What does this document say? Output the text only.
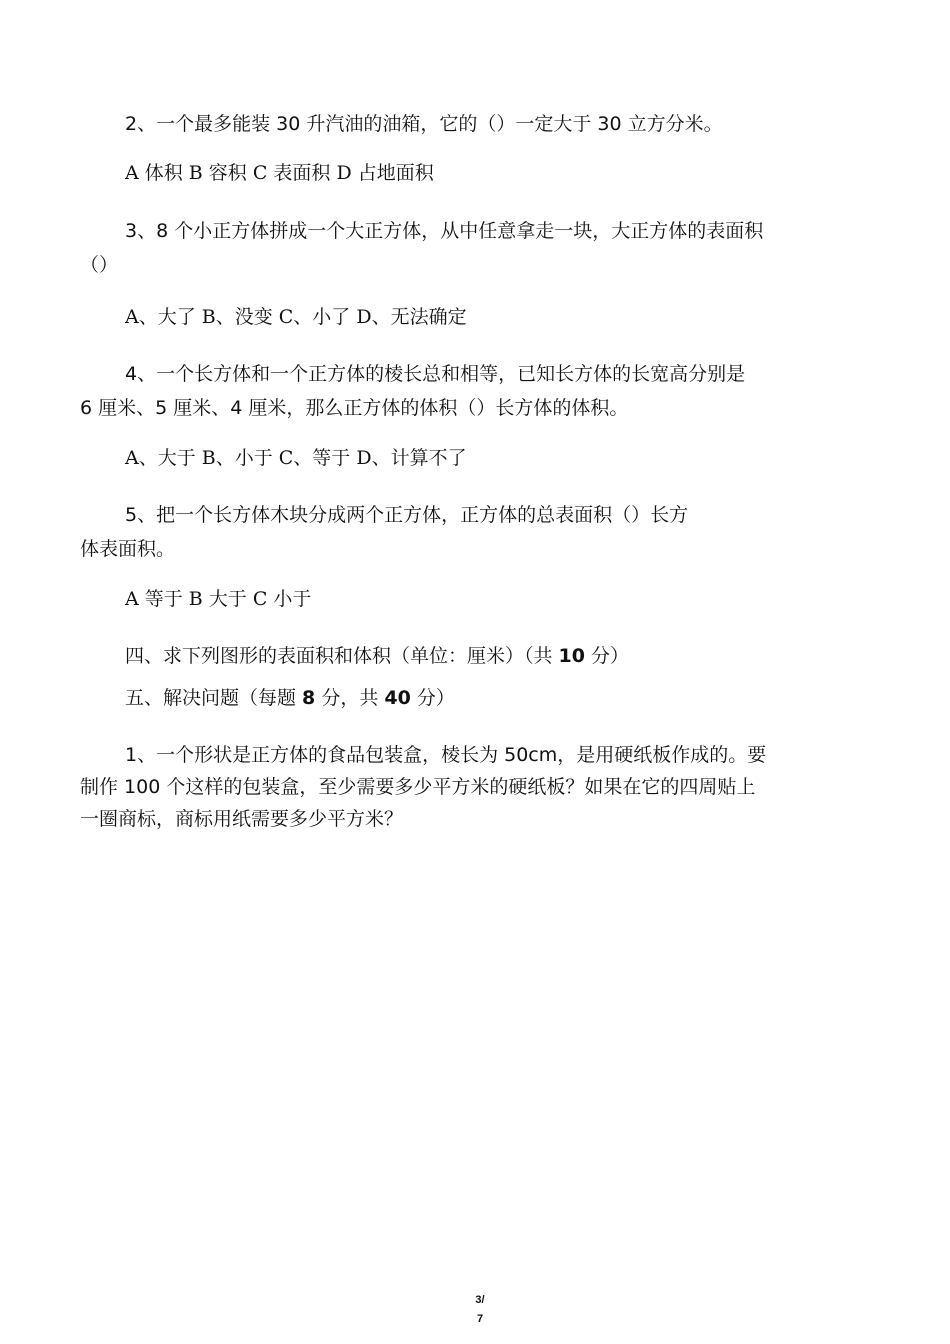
2、一个最多能装 30 升汽油的油箱，它的（）一定大于 30 立方分米。

A 体积 B 容积 C 表面积 D 占地面积

3、8 个小正方体拼成一个大正方体，从中任意拿走一块，大正方体的表面积

（）

A、大了 B、没变 C、小了 D、无法确定

4、一个长方体和一个正方体的棱长总和相等，已知长方体的长宽高分别是

6 厘米、5 厘米、4 厘米，那么正方体的体积（）长方体的体积。

A、大于 B、小于 C、等于 D、计算不了

5、把一个长方体木块分成两个正方体，正方体的总表面积（）长方

体表面积。

A 等于 B 大于 C 小于

四、求下列图形的表面积和体积（单位：厘米）（共 10 分）

五、解决问题（每题 8 分，共 40 分）

1、一个形状是正方体的食品包装盒，棱长为 50cm，是用硬纸板作成的。要

制作 100 个这样的包装盒，至少需要多少平方米的硬纸板？如果在它的四周贴上

一圈商标，商标用纸需要多少平方米？

3/
7
